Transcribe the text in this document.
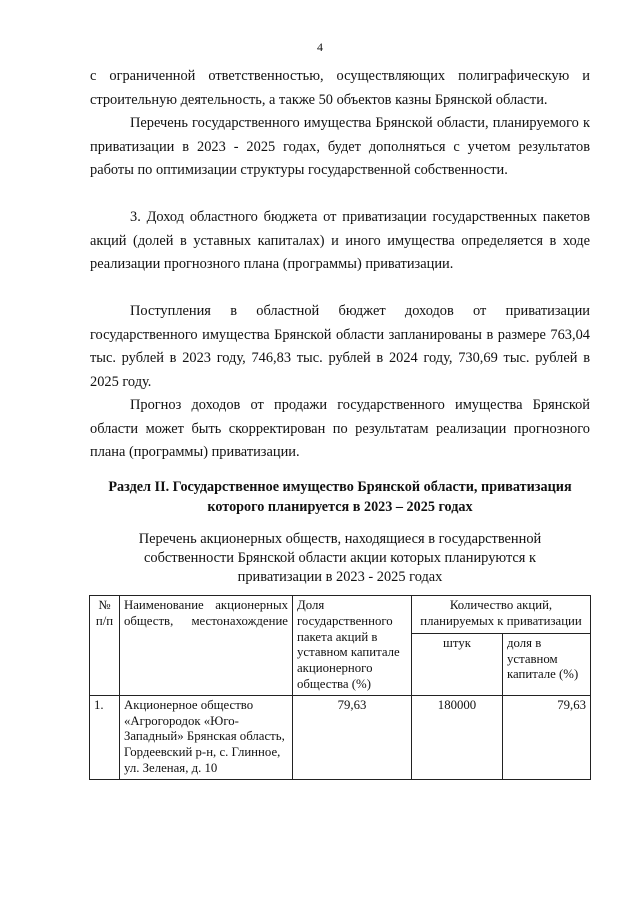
4
с ограниченной ответственностью, осуществляющих полиграфическую и строительную деятельность, а также 50 объектов казны Брянской области.
Перечень государственного имущества Брянской области, планируемого к приватизации в 2023 - 2025 годах, будет дополняться с учетом результатов работы по оптимизации структуры государственной собственности.
3. Доход областного бюджета от приватизации государственных пакетов акций (долей в уставных капиталах) и иного имущества определяется в ходе реализации прогнозного плана (программы) приватизации.
Поступления в областной бюджет доходов от приватизации государственного имущества Брянской области запланированы в размере 763,04 тыс. рублей в 2023 году, 746,83 тыс. рублей в 2024 году, 730,69 тыс. рублей в 2025 году.
Прогноз доходов от продажи государственного имущества Брянской области может быть скорректирован по результатам реализации прогнозного плана (программы) приватизации.
Раздел II. Государственное имущество Брянской области, приватизация которого планируется в 2023 – 2025 годах
Перечень акционерных обществ, находящиеся в государственной собственности Брянской области акции которых планируются к приватизации в 2023 - 2025 годах
№ п/п	Наименование акционерных обществ, местонахождение	Доля государственного пакета акций в уставном капитале акционерного общества (%)	Количество акций, планируемых к приватизации	
			штук	доля в уставном капитале (%)
1.	Акционерное общество «Агрогородок «Юго-Западный» Брянская область, Гордеевский р-н, с. Глинное, ул. Зеленая, д. 10	79,63	180000	79,63
